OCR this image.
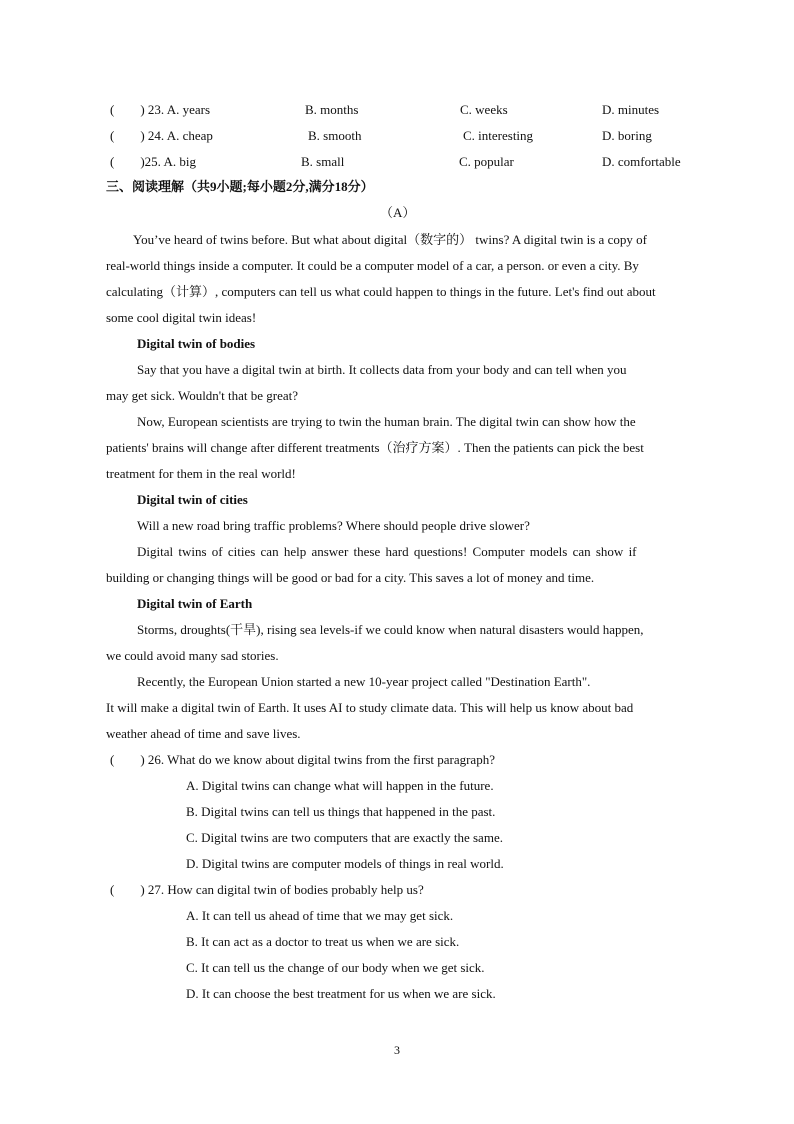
(　　) 23. A. years	B. months	C. weeks	D. minutes
(　　) 24. A. cheap	B. smooth	C. interesting	D. boring
(　　)25. A. big	B. small	C. popular	D. comfortable
三、阅读理解（共9小题;每小题2分,满分18分）
（A）
You’ve heard of twins before. But what about digital（数字的） twins? A digital twin is a copy of
real-world things inside a computer. It could be a computer model of a car, a person. or even a city. By
calculating（计算）, computers can tell us what could happen to things in the future. Let's find out about
some cool digital twin ideas!
Digital twin of bodies
Say that you have a digital twin at birth. It collects data from your body and can tell when you
may get sick. Wouldn't that be great?
Now, European scientists are trying to twin the human brain. The digital twin can show how the
patients' brains will change after different treatments（治疗方案）. Then the patients can pick the best
treatment for them in the real world!
Digital twin of cities
Will a new road bring traffic problems? Where should people drive slower?
Digital twins of cities can help answer these hard questions! Computer models can show if
building or changing things will be good or bad for a city. This saves a lot of money and time.
Digital twin of Earth
Storms, droughts(干旱), rising sea levels-if we could know when natural disasters would happen,
we could avoid many sad stories.
Recently, the European Union started a new 10-year project called "Destination Earth".
It will make a digital twin of Earth. It uses AI to study climate data. This will help us know about bad
weather ahead of time and save lives.
(　　) 26. What do we know about digital twins from the first paragraph?
A. Digital twins can change what will happen in the future.
B. Digital twins can tell us things that happened in the past.
C. Digital twins are two computers that are exactly the same.
D. Digital twins are computer models of things in real world.
(　　) 27. How can digital twin of bodies probably help us?
A. It can tell us ahead of time that we may get sick.
B. It can act as a doctor to treat us when we are sick.
C. It can tell us the change of our body when we get sick.
D. It can choose the best treatment for us when we are sick.
3
